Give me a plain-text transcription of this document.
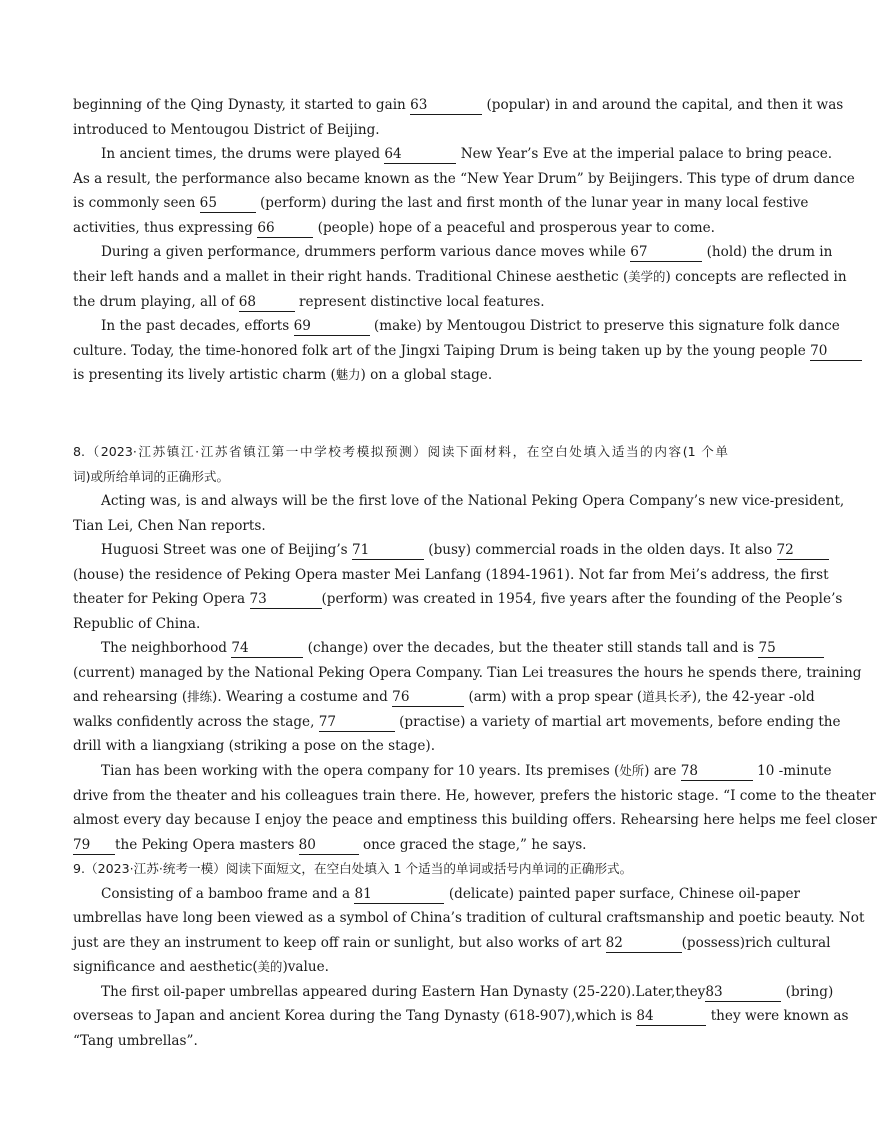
beginning of the Qing Dynasty, it started to gain 63	(popular) in and around the capital, and then it was
introduced to Mentougou District of Beijing.
In ancient times, the drums were played 64	New Year’s Eve at the imperial palace to bring peace.
As a result, the performance also became known as the “New Year Drum” by Beijingers. This type of drum dance
is commonly seen 65	(perform) during the last and first month of the lunar year in many local festive
activities, thus expressing 66	(people) hope of a peaceful and prosperous year to come.
During a given performance, drummers perform various dance moves while 67	(hold) the drum in
their left hands and a mallet in their right hands. Traditional Chinese aesthetic (美学的) concepts are reflected in
the drum playing, all of 68	represent distinctive local features.
In the past decades, efforts 69	(make) by Mentougou District to preserve this signature folk dance
culture. Today, the time-honored folk art of the Jingxi Taiping Drum is being taken up by the young people 70
is presenting its lively artistic charm (魅力) on a global stage.
8.（2023·江苏镇江·江苏省镇江第一中学校考模拟预测）阅读下面材料，在空白处填入适当的内容(1 个单
词)或所给单词的正确形式。
Acting was, is and always will be the first love of the National Peking Opera Company’s new vice-president,
Tian Lei, Chen Nan reports.
Huguosi Street was one of Beijing’s 71	(busy) commercial roads in the olden days. It also 72
(house) the residence of Peking Opera master Mei Lanfang (1894-1961). Not far from Mei’s address, the first
theater for Peking Opera 73	(perform) was created in 1954, five years after the founding of the People’s
Republic of China.
The neighborhood 74	(change) over the decades, but the theater still stands tall and is 75
(current) managed by the National Peking Opera Company. Tian Lei treasures the hours he spends there, training
and rehearsing (排练). Wearing a costume and 76	(arm) with a prop spear (道具长矛), the 42-year -old
walks confidently across the stage, 77	(practise) a variety of martial art movements, before ending the
drill with a liangxiang (striking a pose on the stage).
Tian has been working with the opera company for 10 years. Its premises (处所) are 78	10 -minute
drive from the theater and his colleagues train there. He, however, prefers the historic stage. “I come to the theater
almost every day because I enjoy the peace and emptiness this building offers. Rehearsing here helps me feel closer
79 the Peking Opera masters 80	once graced the stage,” he says.
9.（2023·江苏·统考一模）阅读下面短文，在空白处填入 1 个适当的单词或括号内单词的正确形式。
Consisting of a bamboo frame and a 81	(delicate) painted paper surface, Chinese oil-paper
umbrellas have long been viewed as a symbol of China’s tradition of cultural craftsmanship and poetic beauty. Not
just are they an instrument to keep off rain or sunlight, but also works of art 82	(possess)rich cultural
significance and aesthetic(美的)value.
The first oil-paper umbrellas appeared during Eastern Han Dynasty (25-220).Later,they83	(bring)
overseas to Japan and ancient Korea during the Tang Dynasty (618-907),which is 84	they were known as
“Tang umbrellas”.
